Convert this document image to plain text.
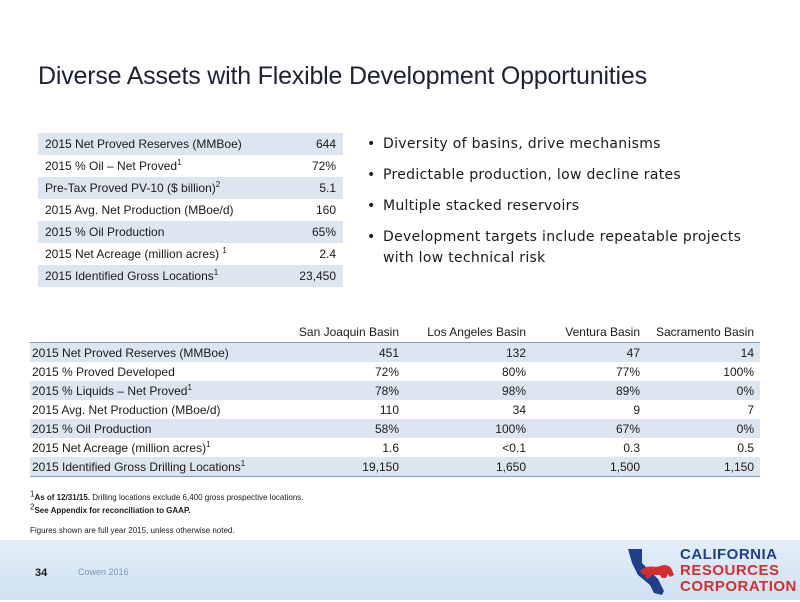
Diverse Assets with Flexible Development Opportunities
2015 Net Proved Reserves (MMBoe)	644
2015 % Oil – Net Proved$^1$	72%
Pre-Tax Proved PV-10 ($ billion)$^2$	5.1
2015 Avg. Net Production (MBoe/d)	160
2015 % Oil Production	65%
2015 Net Acreage (million acres) $^1$	2.4
2015 Identified Gross Locations$^1$	23,450
• Diversity of basins, drive mechanisms
• Predictable production, low decline rates
• Multiple stacked reservoirs
• Development targets include repeatable projects with low technical risk
	San Joaquin Basin	Los Angeles Basin	Ventura Basin	Sacramento Basin
2015 Net Proved Reserves (MMBoe)	451	132	47	14
2015 % Proved Developed	72%	80%	77%	100%
2015 % Liquids – Net Proved$^1$	78%	98%	89%	0%
2015 Avg. Net Production (MBoe/d)	110	34	9	7
2015 % Oil Production	58%	100%	67%	0%
2015 Net Acreage (million acres)$^1$	1.6	<0.1	0.3	0.5
2015 Identified Gross Drilling Locations$^1$	19,150	1,650	1,500	1,150
$^1$As of 12/31/15. Drilling locations exclude 6,400 gross prospective locations.
$^2$See Appendix for reconciliation to GAAP.
Figures shown are full year 2015, unless otherwise noted.
34	Cowen 2016
CALIFORNIA
RESOURCES
CORPORATION
